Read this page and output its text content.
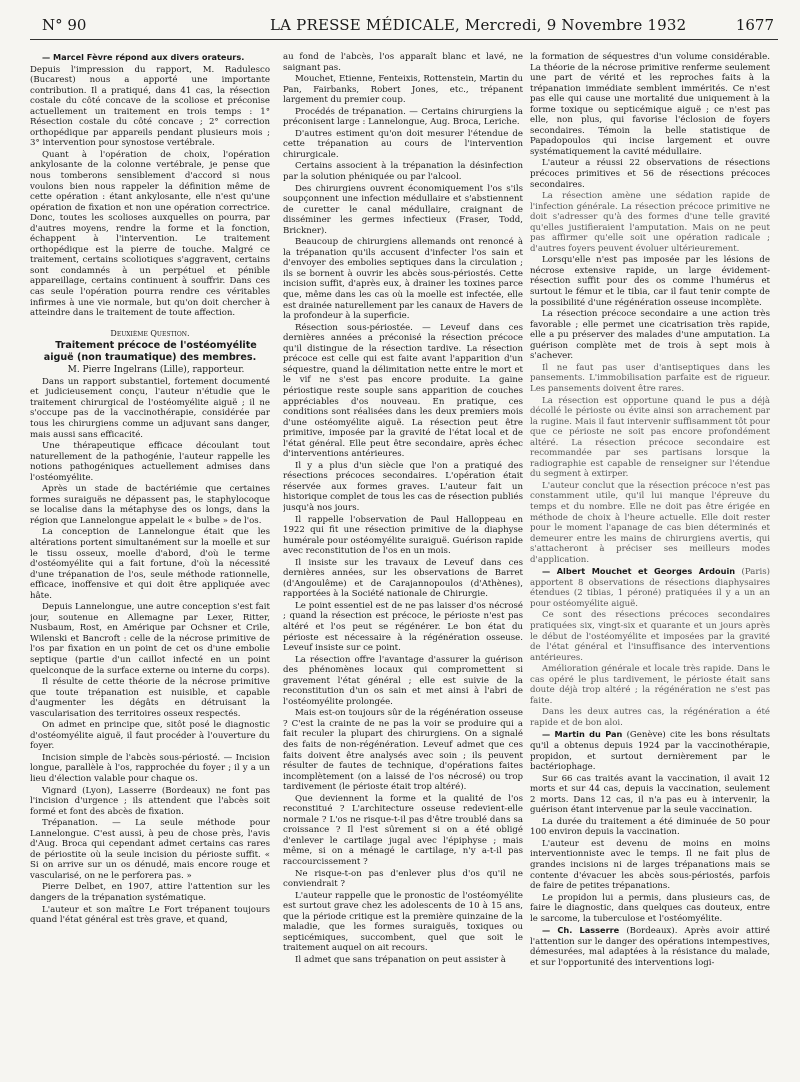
N° 90	LA PRESSE MÉDICALE, Mercredi, 9 Novembre 1932	1677

— Marcel Fèvre répond aux divers orateurs.

Depuis l'impression du rapport, M. Radulesco (Bucarest) nous a apporté une importante contribution. Il a pratiqué, dans 41 cas, la résection costale du côté concave de la scoliose et préconise actuellement un traitement en trois temps : 1° Résection costale du côté concave ; 2° correction orthopédique par appareils pendant plusieurs mois ; 3° intervention pour synostose vertébrale.

Quant à l'opération de choix, l'opération ankylosante de la colonne vertébrale, je pense que nous tomberons sensiblement d'accord si nous voulons bien nous rappeler la définition même de cette opération : étant ankylosante, elle n'est qu'une opération de fixation et non une opération correctrice. Donc, toutes les scolioses auxquelles on pourra, par d'autres moyens, rendre la forme et la fonction, échappent à l'intervention. Le traitement orthopédique est la pierre de touche. Malgré ce traitement, certains scoliotiques s'aggravent, certains sont condamnés à un perpétuel et pénible appareillage, certains continuent à souffrir. Dans ces cas seule l'opération pourra rendre ces véritables infirmes à une vie normale, but qu'on doit chercher à atteindre dans le traitement de toute affection.

Deuxième Question.

Traitement précoce de l'ostéomyélite aiguë (non traumatique) des membres.

M. Pierre Ingelrans (Lille), rapporteur.

Dans un rapport substantiel, fortement documenté et judicieusement conçu, l'auteur n'étudie que le traitement chirurgical de l'ostéomyélite aiguë ; il ne s'occupe pas de la vaccinothérapie, considérée par tous les chirurgiens comme un adjuvant sans danger, mais aussi sans efficacité.

Une thérapeutique efficace découlant tout naturellement de la pathogénie, l'auteur rappelle les notions pathogéniques actuellement admises dans l'ostéomyélite.

Après un stade de bactériémie que certaines formes suraiguës ne dépassent pas, le staphylocoque se localise dans la métaphyse des os longs, dans la région que Lannelongue appelait le « bulbe » de l'os.

La conception de Lannelongue était que les altérations portent simultanément sur la moelle et sur le tissu osseux, moelle d'abord, d'où le terme d'ostéomyélite qui a fait fortune, d'où la nécessité d'une trépanation de l'os, seule méthode rationnelle, efficace, inoffensive et qui doit être appliquée avec hâte.

Depuis Lannelongue, une autre conception s'est fait jour, soutenue en Allemagne par Lexer, Ritter, Nusbaum, Rost, en Amérique par Ochsner et Crile, Wilenski et Bancroft : celle de la nécrose primitive de l'os par fixation en un point de cet os d'une embolie septique (partie d'un caillot infecté en un point quelconque de la surface externe ou interne du corps).

Il résulte de cette théorie de la nécrose primitive que toute trépanation est nuisible, et capable d'augmenter les dégâts en détruisant la vascularisation des territoires osseux respectés.

On admet en principe que, sitôt posé le diagnostic d'ostéomyélite aiguë, il faut procéder à l'ouverture du foyer.

Incision simple de l'abcès sous-périosté. — Incision longue, parallèle à l'os, rapprochée du foyer ; il y a un lieu d'élection valable pour chaque os.

Vignard (Lyon), Lasserre (Bordeaux) ne font pas l'incision d'urgence ; ils attendent que l'abcès soit formé et font des abcès de fixation.

Trépanation. — La seule méthode pour Lannelongue. C'est aussi, à peu de chose près, l'avis d'Aug. Broca qui cependant admet certains cas rares de périostite où la seule incision du périoste suffit. « Si on arrive sur un os dénudé, mais encore rouge et vascularisé, on ne le perforera pas. »

Pierre Delbet, en 1907, attire l'attention sur les dangers de la trépanation systématique.

L'auteur et son maître Le Fort trépanent toujours quand l'état général est très grave, et quand,

au fond de l'abcès, l'os apparaît blanc et lavé, ne saignant pas.

Mouchet, Etienne, Fenteixis, Rottenstein, Martin du Pan, Fairbanks, Robert Jones, etc., trépanent largement du premier coup.

Procédés de trépanation. — Certains chirurgiens la préconisent large : Lannelongue, Aug. Broca, Leriche.

D'autres estiment qu'on doit mesurer l'étendue de cette trépanation au cours de l'intervention chirurgicale.

Certains associent à la trépanation la désinfection par la solution phéniquée ou par l'alcool.

Des chirurgiens ouvrent économiquement l'os s'ils soupçonnent une infection médullaire et s'abstiennent de curetter le canal médullaire, craignant de disséminer les germes infectieux (Fraser, Todd, Brickner).

Beaucoup de chirurgiens allemands ont renoncé à la trépanation qu'ils accusent d'infecter l'os sain et d'envoyer des embolies septiques dans la circulation ; ils se bornent à ouvrir les abcès sous-périostés. Cette incision suffit, d'après eux, à drainer les toxines parce que, même dans les cas où la moelle est infectée, elle est drainée naturellement par les canaux de Havers de la profondeur à la superficie.

Résection sous-périostée. — Leveuf dans ces dernières années a préconisé la résection précoce qu'il distingue de la résection tardive. La résection précoce est celle qui est faite avant l'apparition d'un séquestre, quand la délimitation nette entre le mort et le vif ne s'est pas encore produite. La gaine périostique reste souple sans apparition de couches appréciables d'os nouveau. En pratique, ces conditions sont réalisées dans les deux premiers mois d'une ostéomyélite aiguë. La résection peut être primitive, imposée par la gravité de l'état local et de l'état général. Elle peut être secondaire, après échec d'interventions antérieures.

Il y a plus d'un siècle que l'on a pratiqué des résections précoces secondaires. L'opération était réservée aux formes graves. L'auteur fait un historique complet de tous les cas de résection publiés jusqu'à nos jours.

Il rappelle l'observation de Paul Halloppeau en 1922 qui fit une résection primitive de la diaphyse humérale pour ostéomyélite suraiguë. Guérison rapide avec reconstitution de l'os en un mois.

Il insiste sur les travaux de Leveuf dans ces dernières années, sur les observations de Barret (d'Angoulême) et de Carajannopoulos (d'Athènes), rapportées à la Société nationale de Chirurgie.

Le point essentiel est de ne pas laisser d'os nécrosé ; quand la résection est précoce, le périoste n'est pas altéré et l'os peut se régénérer. Le bon état du périoste est nécessaire à la régénération osseuse. Leveuf insiste sur ce point.

La résection offre l'avantage d'assurer la guérison des phénomènes locaux qui compromettent si gravement l'état général ; elle est suivie de la reconstitution d'un os sain et met ainsi à l'abri de l'ostéomyélite prolongée.

Mais est-on toujours sûr de la régénération osseuse ? C'est la crainte de ne pas la voir se produire qui a fait reculer la plupart des chirurgiens. On a signalé des faits de non-régénération. Leveuf admet que ces faits doivent être analysés avec soin ; ils peuvent résulter de fautes de technique, d'opérations faites incomplètement (on a laissé de l'os nécrosé) ou trop tardivement (le périoste était trop altéré).

Que deviennent la forme et la qualité de l'os reconstitué ? L'architecture osseuse redevient-elle normale ? L'os ne risque-t-il pas d'être troublé dans sa croissance ? Il l'est sûrement si on a été obligé d'enlever le cartilage jugal avec l'épiphyse ; mais même, si on a ménagé le cartilage, n'y a-t-il pas raccourcissement ?

Ne risque-t-on pas d'enlever plus d'os qu'il ne conviendrait ?

L'auteur rappelle que le pronostic de l'ostéomyélite est surtout grave chez les adolescents de 10 à 15 ans, que la période critique est la première quinzaine de la maladie, que les formes suraiguës, toxiques ou septicémiques, succombent, quel que soit le traitement auquel on ait recours.

Il admet que sans trépanation on peut assister à

la formation de séquestres d'un volume considérable. La théorie de la nécrose primitive renferme seulement une part de vérité et les reproches faits à la trépanation immédiate semblent immérités. Ce n'est pas elle qui cause une mortalité due uniquement à la forme toxique ou septicémique aiguë ; ce n'est pas elle, non plus, qui favorise l'éclosion de foyers secondaires. Témoin la belle statistique de Papadopoulos qui incise largement et ouvre systématiquement la cavité médullaire.

L'auteur a réussi 22 observations de résections précoces primitives et 56 de résections précoces secondaires.

La résection amène une sédation rapide de l'infection générale. La résection précoce primitive ne doit s'adresser qu'à des formes d'une telle gravité qu'elles justifieraient l'amputation. Mais on ne peut pas affirmer qu'elle soit une opération radicale ; d'autres foyers peuvent évoluer ultérieurement.

Lorsqu'elle n'est pas imposée par les lésions de nécrose extensive rapide, un large évidement-résection suffit pour des os comme l'humérus et surtout le fémur et le tibia, car il faut tenir compte de la possibilité d'une régénération osseuse incomplète.

La résection précoce secondaire a une action très favorable ; elle permet une cicatrisation très rapide, elle a pu préserver des malades d'une amputation. La guérison complète met de trois à sept mois à s'achever.

Il ne faut pas user d'antiseptiques dans les pansements. L'immobilisation parfaite est de rigueur. Les pansements doivent être rares.

La résection est opportune quand le pus a déjà décollé le périoste ou évite ainsi son arrachement par la rugine. Mais il faut intervenir suffisamment tôt pour que ce périoste ne soit pas encore profondément altéré. La résection précoce secondaire est recommandée par ses partisans lorsque la radiographie est capable de renseigner sur l'étendue du segment à extirper.

L'auteur conclut que la résection précoce n'est pas constamment utile, qu'il lui manque l'épreuve du temps et du nombre. Elle ne doit pas être érigée en méthode de choix à l'heure actuelle. Elle doit rester pour le moment l'apanage de cas bien déterminés et demeurer entre les mains de chirurgiens avertis, qui s'attacheront à préciser ses meilleurs modes d'application.

— Albert Mouchet et Georges Ardouin (Paris) apportent 8 observations de résections diaphysaires étendues (2 tibias, 1 péroné) pratiquées il y a un an pour ostéomyélite aiguë.

Ce sont des résections précoces secondaires pratiquées six, vingt-six et quarante et un jours après le début de l'ostéomyélite et imposées par la gravité de l'état général et l'insuffisance des interventions antérieures.

Amélioration générale et locale très rapide. Dans le cas opéré le plus tardivement, le périoste était sans doute déjà trop altéré ; la régénération ne s'est pas faite.

Dans les deux autres cas, la régénération a été rapide et de bon aloi.

— Martin du Pan (Genève) cite les bons résultats qu'il a obtenus depuis 1924 par la vaccinothérapie, propidon, et surtout dernièrement par le bactériophage.

Sur 66 cas traités avant la vaccination, il avait 12 morts et sur 44 cas, depuis la vaccination, seulement 2 morts. Dans 12 cas, il n'a pas eu à intervenir, la guérison étant intervenue par la seule vaccination.

La durée du traitement a été diminuée de 50 pour 100 environ depuis la vaccination.

L'auteur est devenu de moins en moins interventionniste avec le temps. Il ne fait plus de grandes incisions ni de larges trépanations mais se contente d'évacuer les abcès sous-périostés, parfois de faire de petites trépanations.

Le propidon lui a permis, dans plusieurs cas, de faire le diagnostic, dans quelques cas douteux, entre le sarcome, la tuberculose et l'ostéomyélite.

— Ch. Lasserre (Bordeaux). Après avoir attiré l'attention sur le danger des opérations intempestives, démesurées, mal adaptées à la résistance du malade, et sur l'opportunité des interventions logi-
